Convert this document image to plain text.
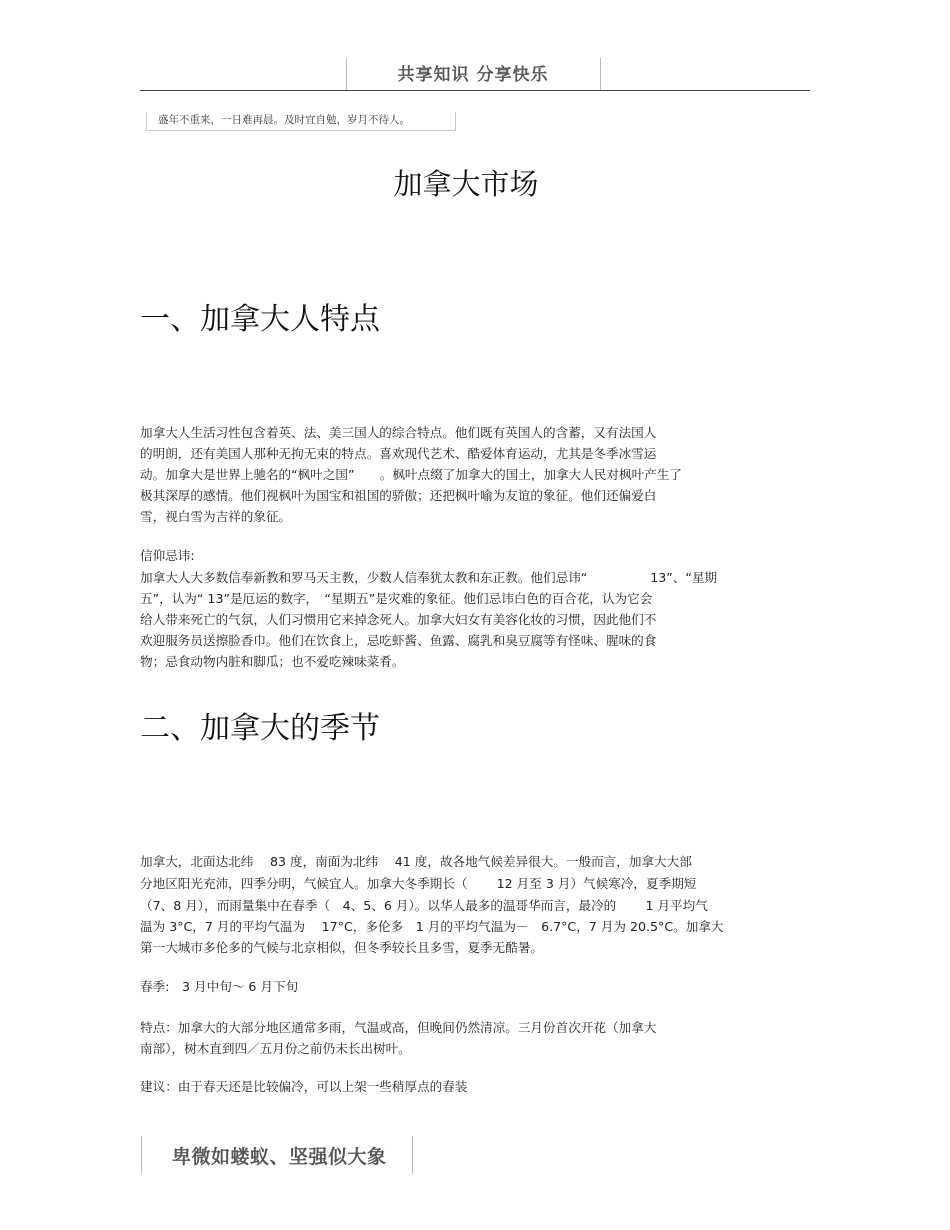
共享知识 分享快乐
盛年不重来，一日难再晨。及时宜自勉，岁月不待人。
加拿大市场
一、加拿大人特点
加拿大人生活习性包含着英、法、美三国人的综合特点。他们既有英国人的含蓄，又有法国人
的明朗，还有美国人那种无拘无束的特点。喜欢现代艺术、酷爱体育运动，尤其是冬季冰雪运
动。加拿大是世界上驰名的“枫叶之国”　　。枫叶点缀了加拿大的国土，加拿大人民对枫叶产生了
极其深厚的感情。他们视枫叶为国宝和祖国的骄傲；还把枫叶喻为友谊的象征。他们还偏爱白
雪，视白雪为吉祥的象征。
信仰忌讳:
加拿大人大多数信奉新教和罗马天主教，少数人信奉犹太教和东正教。他们忌讳“　　　　　13”、“星期
五”，认为“ 13”是厄运的数字，　“星期五”是灾难的象征。他们忌讳白色的百合花，认为它会
给人带来死亡的气氛，人们习惯用它来掉念死人。加拿大妇女有美容化妆的习惯，因此他们不
欢迎服务员送擦脸香巾。他们在饮食上，忌吃虾酱、鱼露、腐乳和臭豆腐等有怪味、腥味的食
物；忌食动物内脏和脚瓜；也不爱吃辣味菜肴。
二、加拿大的季节
加拿大，北面达北纬　 83 度，南面为北纬　 41 度，故各地气候差异很大。一般而言，加拿大大部
分地区阳光充沛，四季分明，气候宜人。加拿大冬季期长（　　 12 月至 3 月）气候寒冷，夏季期短
（7、8 月），而雨量集中在春季（　4、5、6 月）。以华人最多的温哥华而言，最冷的　　 1 月平均气
温为 3°C，7 月的平均气温为　 17°C，多伦多　1 月的平均气温为－　6.7°C，7 月为 20.5°C。加拿大
第一大城市多伦多的气候与北京相似，但冬季较长且多雪，夏季无酷暑。
春季:　3 月中旬～ 6 月下旬
特点：加拿大的大部分地区通常多雨，气温或高，但晚间仍然清凉。三月份首次开花（加拿大
南部），树木直到四／五月份之前仍未长出树叶。
建议：由于春天还是比较偏冷，可以上架一些稍厚点的春装
卑微如蝼蚁、坚强似大象
